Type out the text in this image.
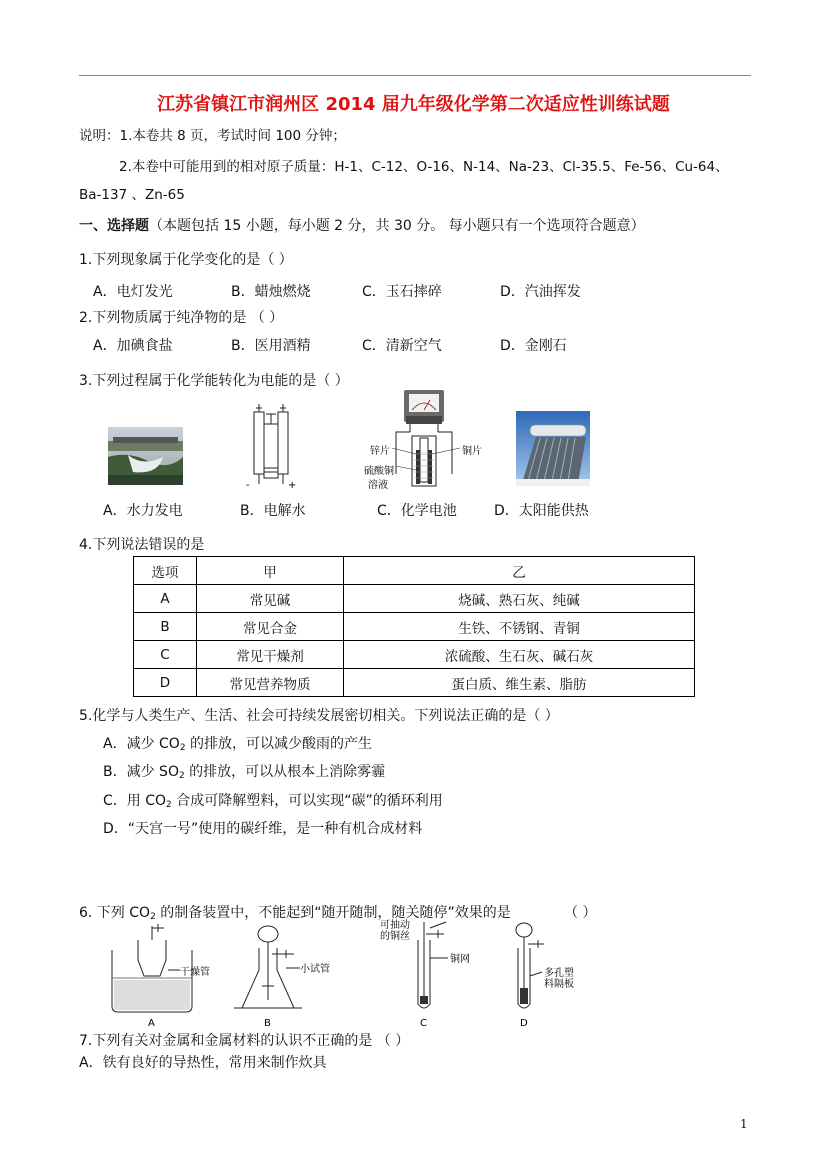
江苏省镇江市润州区 2014 届九年级化学第二次适应性训练试题
说明：1.本卷共 8 页，考试时间 100 分钟；
2.本卷中可能用到的相对原子质量：H-1、C-12、O-16、N-14、Na-23、Cl-35.5、Fe-56、Cu-64、
Ba-137 、Zn-65
一、选择题（本题包括 15 小题，每小题 2 分，共 30 分。 每小题只有一个选项符合题意）
1.下列现象属于化学变化的是（ ）
A．电灯发光	B．蜡烛燃烧	C．玉石摔碎	D．汽油挥发
2.下列物质属于纯净物的是 （ ）
A．加碘食盐	B．医用酒精	C．清新空气	D．金刚石
3.下列过程属于化学能转化为电能的是（ ）
-	+
锌片	铜片
硫酸铜
溶液
A．水力发电	B．电解水	C．化学电池	D．太阳能供热
4.下列说法错误的是
选项	甲	乙
A	常见碱	烧碱、熟石灰、纯碱
B	常见合金	生铁、不锈钢、青铜
C	常见干燥剂	浓硫酸、生石灰、碱石灰
D	常见营养物质	蛋白质、维生素、脂肪
5.化学与人类生产、生活、社会可持续发展密切相关。下列说法正确的是（ ）
A．减少 $CO_2$ 的排放，可以减少酸雨的产生
B．减少 $SO_2$ 的排放，可以从根本上消除雾霾
C．用 $CO_2$ 合成可降解塑料，可以实现“碳”的循环利用
D．“天宫一号”使用的碳纤维，是一种有机合成材料
6. 下列 $CO_2$ 的制备装置中，不能起到“随开随制，随关随停”效果的是	（ ）
干燥管	小试管
可抽动
的铜丝
铜网
多孔塑
料隔板
A	B	C	D
7.下列有关对金属和金属材料的认识不正确的是 （ ）
A．铁有良好的导热性，常用来制作炊具
1
